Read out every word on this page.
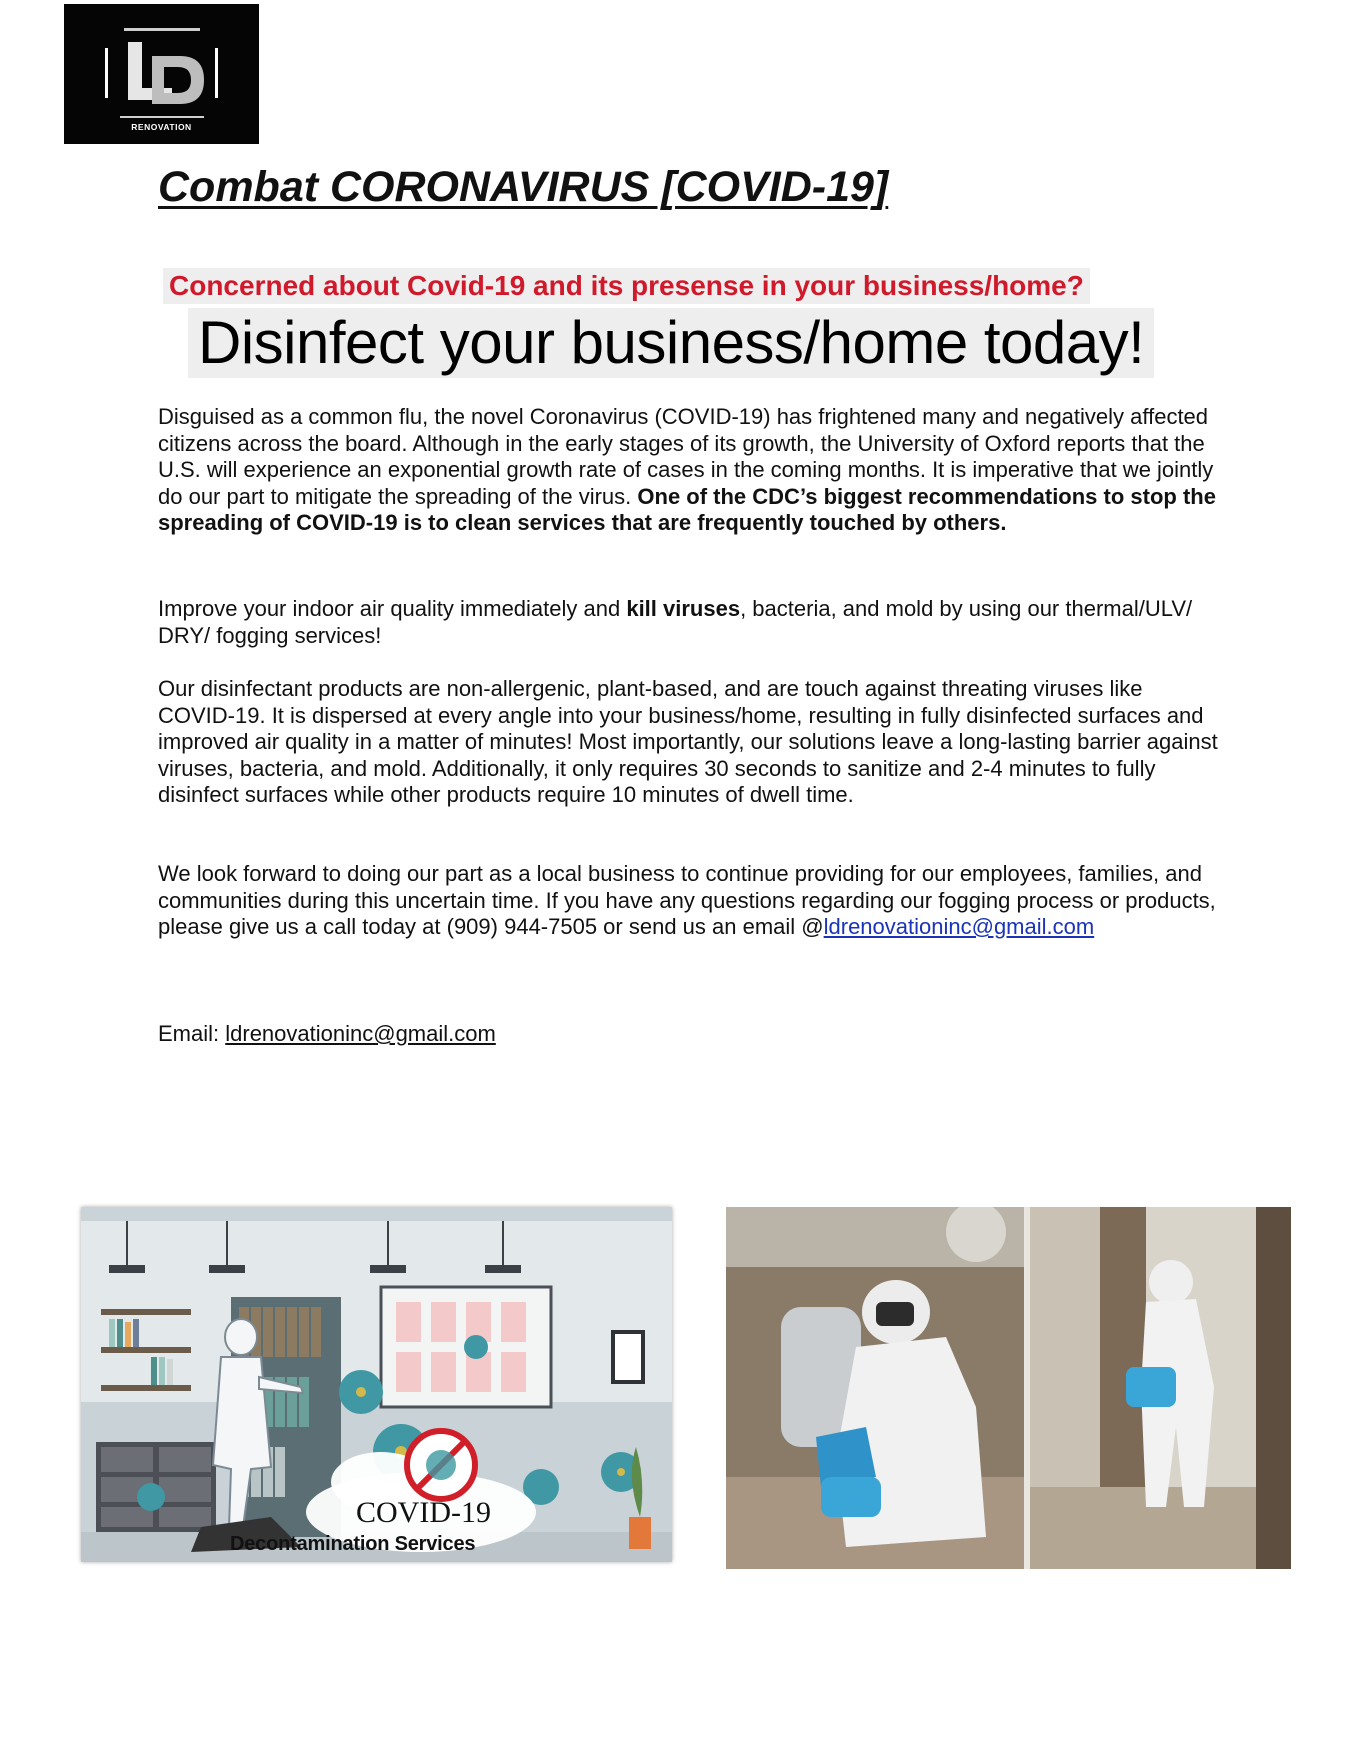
RENOVATION
Combat CORONAVIRUS [COVID-19]
Concerned about Covid-19 and its presense in your business/home?
Disinfect your business/home today!

Disguised as a common flu, the novel Coronavirus (COVID-19) has frightened many and negatively affected citizens across the board. Although in the early stages of its growth, the University of Oxford reports that the U.S. will experience an exponential growth rate of cases in the coming months. It is imperative that we jointly do our part to mitigate the spreading of the virus. One of the CDC’s biggest recommendations to stop the spreading of COVID-19 is to clean services that are frequently touched by others.

Improve your indoor air quality immediately and kill viruses, bacteria, and mold by using our thermal/ULV/ DRY/ fogging services!

Our disinfectant products are non-allergenic, plant-based, and are touch against threating viruses like COVID-19. It is dispersed at every angle into your business/home, resulting in fully disinfected surfaces and improved air quality in a matter of minutes! Most importantly, our solutions leave a long-lasting barrier against viruses, bacteria, and mold. Additionally, it only requires 30 seconds to sanitize and 2-4 minutes to fully disinfect surfaces while other products require 10 minutes of dwell time.

We look forward to doing our part as a local business to continue providing for our employees, families, and communities during this uncertain time. If you have any questions regarding our fogging process or products, please give us a call today at (909) 944-7505 or send us an email @ldrenovationinc@gmail.com

Email: ldrenovationinc@gmail.com

COVID-19
Decontamination Services
